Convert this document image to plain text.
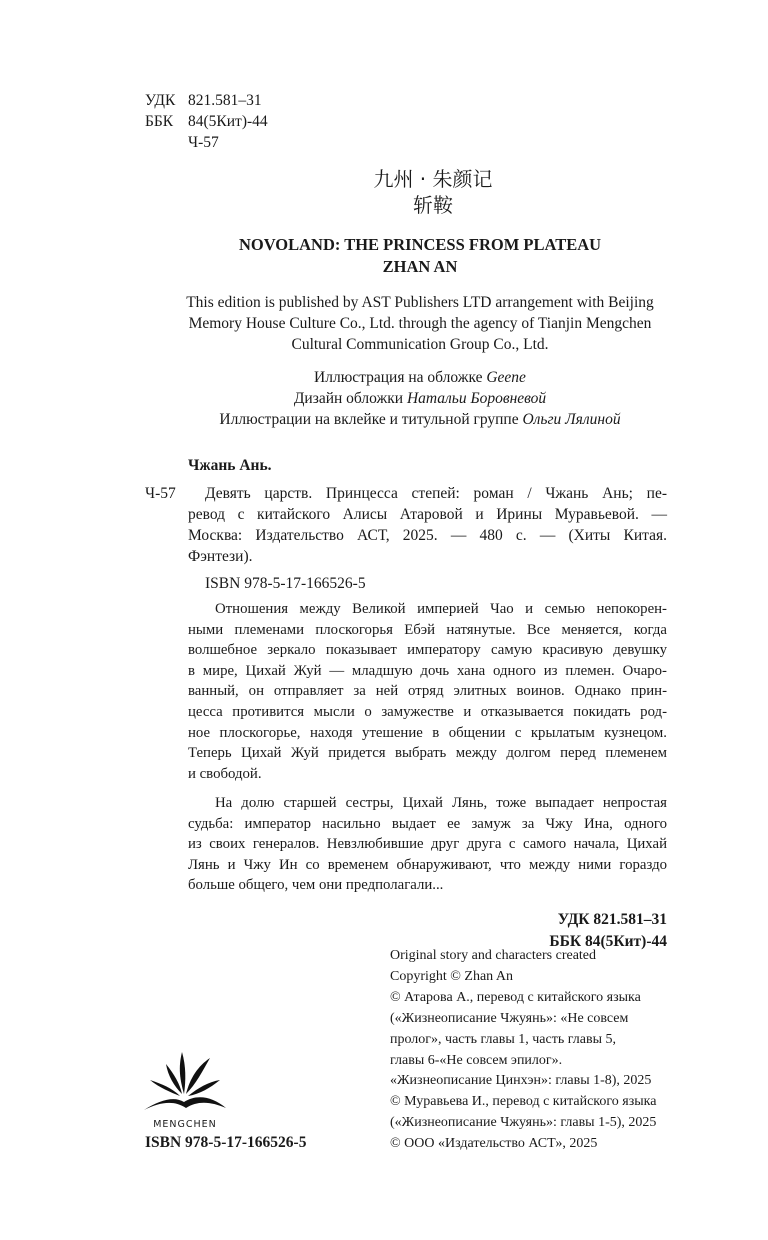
УДК 821.581–31
ББК 84(5Кит)-44
Ч-57
九州 · 朱颜记
斩鞍
NOVOLAND: THE PRINCESS FROM PLATEAU
ZHAN AN
This edition is published by AST Publishers LTD arrangement with Beijing
Memory House Culture Co., Ltd. through the agency of Tianjin Mengchen
Cultural Communication Group Co., Ltd.
Иллюстрация на обложке Geene
Дизайн обложки Натальи Боровневой
Иллюстрации на вклейке и титульной группе Ольги Лялиной
Чжань Ань.
Ч-57 Девять царств. Принцесса степей: роман / Чжань Ань; пе-
ревод с китайского Алисы Атаровой и Ирины Муравьевой. —
Москва: Издательство АСТ, 2025. — 480 с. — (Хиты Китая.
Фэнтези).
ISBN 978-5-17-166526-5
Отношения между Великой империей Чао и семью непокорен-
ными племенами плоскогорья Ебэй натянутые. Все меняется, когда
волшебное зеркало показывает императору самую красивую девушку
в мире, Цихай Жуй — младшую дочь хана одного из племен. Очаро-
ванный, он отправляет за ней отряд элитных воинов. Однако прин-
цесса противится мысли о замужестве и отказывается покидать род-
ное плоскогорье, находя утешение в общении с крылатым кузнецом.
Теперь Цихай Жуй придется выбрать между долгом перед племенем
и свободой.
На долю старшей сестры, Цихай Лянь, тоже выпадает непростая
судьба: император насильно выдает ее замуж за Чжу Ина, одного
из своих генералов. Невзлюбившие друг друга с самого начала, Цихай
Лянь и Чжу Ин со временем обнаруживают, что между ними гораздо
больше общего, чем они предполагали...
УДК 821.581–31
ББК 84(5Кит)-44
Original story and characters created
Copyright © Zhan An
© Атарова А., перевод с китайского языка
(«Жизнеописание Чжуянь»: «Не совсем
пролог», часть главы 1, часть главы 5,
главы 6-«Не совсем эпилог».
«Жизнеописание Цинхэн»: главы 1-8), 2025
© Муравьева И., перевод с китайского языка
(«Жизнеописание Чжуянь»: главы 1-5), 2025
© ООО «Издательство АСТ», 2025
MENGCHEN
ISBN 978-5-17-166526-5
